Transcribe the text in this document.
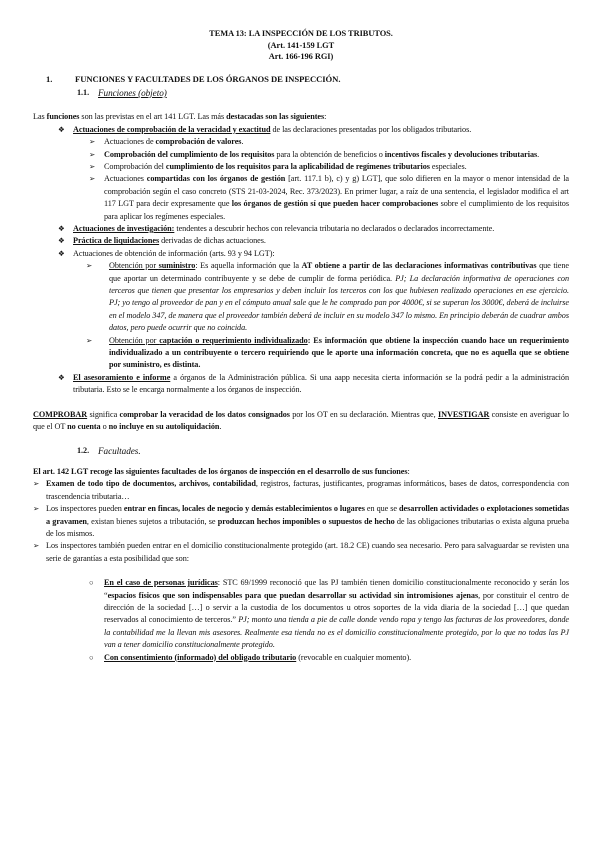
TEMA 13: LA INSPECCIÓN DE LOS TRIBUTOS.
(Art. 141-159 LGT
Art. 166-196 RGI)
1.	FUNCIONES Y FACULTADES DE LOS ÓRGANOS DE INSPECCIÓN.
1.1. Funciones (objeto)

Las funciones son las previstas en el art 141 LGT. Las más destacadas son las siguientes:

❖ Actuaciones de comprobación de la veracidad y exactitud de las declaraciones presentadas por los obligados tributarios.
➢ Actuaciones de comprobación de valores.
➢ Comprobación del cumplimiento de los requisitos para la obtención de beneficios o incentivos fiscales y devoluciones tributarias.
➢ Comprobación del cumplimiento de los requisitos para la aplicabilidad de regímenes tributarios especiales.
➢ Actuaciones compartidas con los órganos de gestión [art. 117.1 b), c) y g) LGT], que solo difieren en la mayor o menor intensidad de la comprobación según el caso concreto (STS 21-03-2024, Rec. 373/2023). En primer lugar, a raíz de una sentencia, el legislador modifica el art 117 LGT para decir expresamente que los órganos de gestión sí que pueden hacer comprobaciones sobre el cumplimiento de los requisitos para aplicar los regímenes especiales.
❖ Actuaciones de investigación: tendentes a descubrir hechos con relevancia tributaria no declarados o declarados incorrectamente.
❖ Práctica de liquidaciones derivadas de dichas actuaciones.
❖ Actuaciones de obtención de información (arts. 93 y 94 LGT):
➢ Obtención por suministro: Es aquella información que la AT obtiene a partir de las declaraciones informativas contributivas que tiene que aportar un determinado contribuyente y se debe de cumplir de forma periódica. PJ; La declaración informativa de operaciones con terceros que tienen que presentar los empresarios y deben incluir los terceros con los que hubiesen realizado operaciones en ese ejercicio. PJ; yo tengo al proveedor de pan y en el cómputo anual sale que le he comprado pan por 4000€, si se superan los 3000€, deberá de incluirse en el modelo 347, de manera que el proveedor también deberá de incluir en su modelo 347 lo mismo. En principio deberán de cuadrar ambos datos, pero puede ocurrir que no coincida.
➢ Obtención por captación o requerimiento individualizado: Es información que obtiene la inspección cuando hace un requerimiento individualizado a un contribuyente o tercero requiriendo que le aporte una información concreta, que no es aquella que se obtiene por suministro, es distinta.
❖ El asesoramiento e informe a órganos de la Administración pública. Si una aapp necesita cierta información se la podrá pedir a la administración tributaria. Esto se le encarga normalmente a los órganos de inspección.

COMPROBAR significa comprobar la veracidad de los datos consignados por los OT en su declaración. Mientras que, INVESTIGAR consiste en averiguar lo que el OT no cuenta o no incluye en su autoliquidación.

1.2. Facultades.

El art. 142 LGT recoge las siguientes facultades de los órganos de inspección en el desarrollo de sus funciones:

➢ Examen de todo tipo de documentos, archivos, contabilidad, registros, facturas, justificantes, programas informáticos, bases de datos, correspondencia con trascendencia tributaria…
➢ Los inspectores pueden entrar en fincas, locales de negocio y demás establecimientos o lugares en que se desarrollen actividades o explotaciones sometidas a gravamen, existan bienes sujetos a tributación, se produzcan hechos imponibles o supuestos de hecho de las obligaciones tributarias o exista alguna prueba de los mismos.
➢ Los inspectores también pueden entrar en el domicilio constitucionalmente protegido (art. 18.2 CE) cuando sea necesario. Pero para salvaguardar se revisten una serie de garantías a esta posibilidad que son:
○ En el caso de personas jurídicas: STC 69/1999 reconoció que las PJ también tienen domicilio constitucionalmente reconocido y serán los “espacios físicos que son indispensables para que puedan desarrollar su actividad sin intromisiones ajenas, por constituir el centro de dirección de la sociedad […] o servir a la custodia de los documentos u otros soportes de la vida diaria de la sociedad […] que quedan reservados al conocimiento de terceros.” PJ; monto una tienda a pie de calle donde vendo ropa y tengo las facturas de los proveedores, donde la contabilidad me la llevan mis asesores. Realmente esa tienda no es el domicilio constitucionalmente protegido, por lo que no todas las PJ van a tener domicilio constitucionalmente protegido.
○ Con consentimiento (informado) del obligado tributario (revocable en cualquier momento).
